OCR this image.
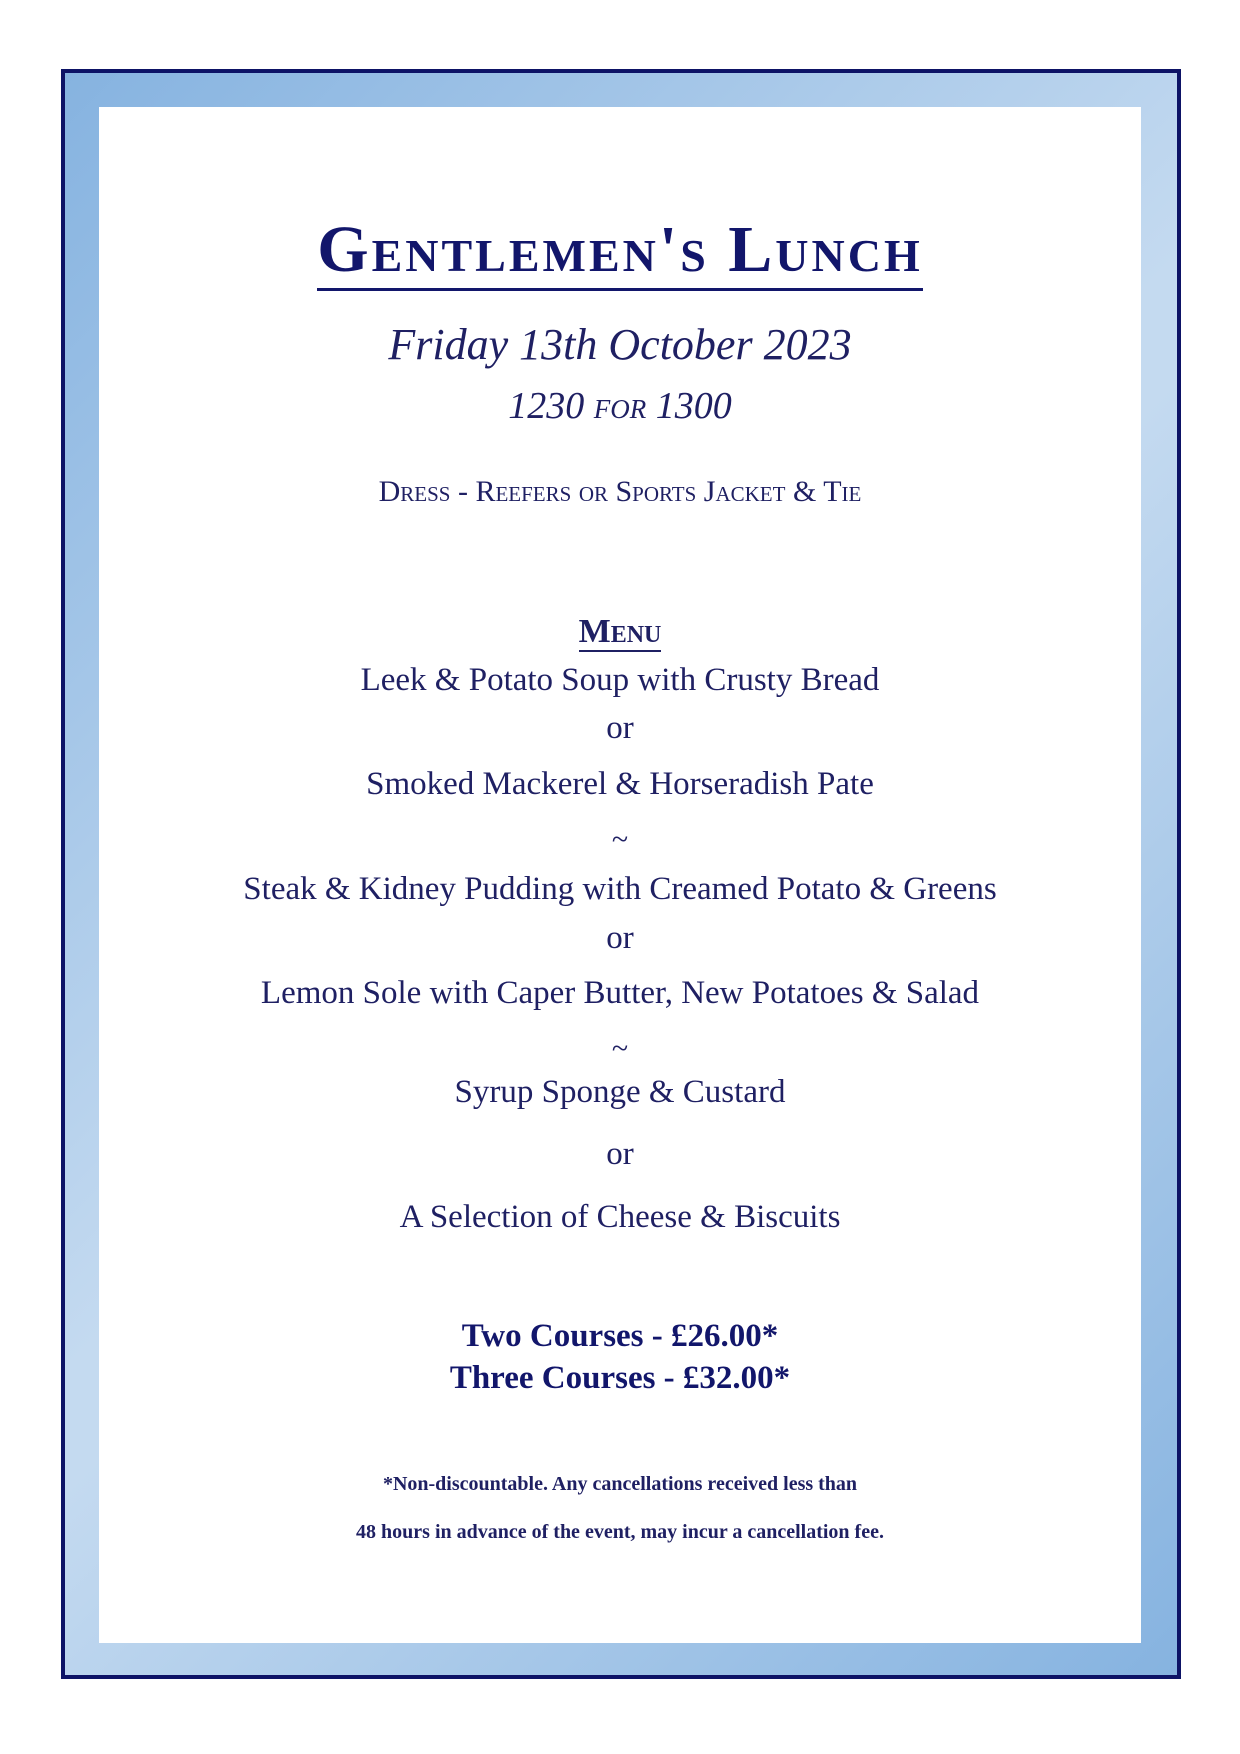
Gentlemen's Lunch
Friday 13th October 2023
1230 for 1300
Dress - Reefers or Sports Jacket & Tie
Menu
Leek & Potato Soup with Crusty Bread
or
Smoked Mackerel & Horseradish Pate
~
Steak & Kidney Pudding with Creamed Potato & Greens
or
Lemon Sole with Caper Butter, New Potatoes & Salad
~
Syrup Sponge & Custard
or
A Selection of Cheese & Biscuits
Two Courses - £26.00*
Three Courses - £32.00*
*Non-discountable. Any cancellations received less than
48 hours in advance of the event, may incur a cancellation fee.
